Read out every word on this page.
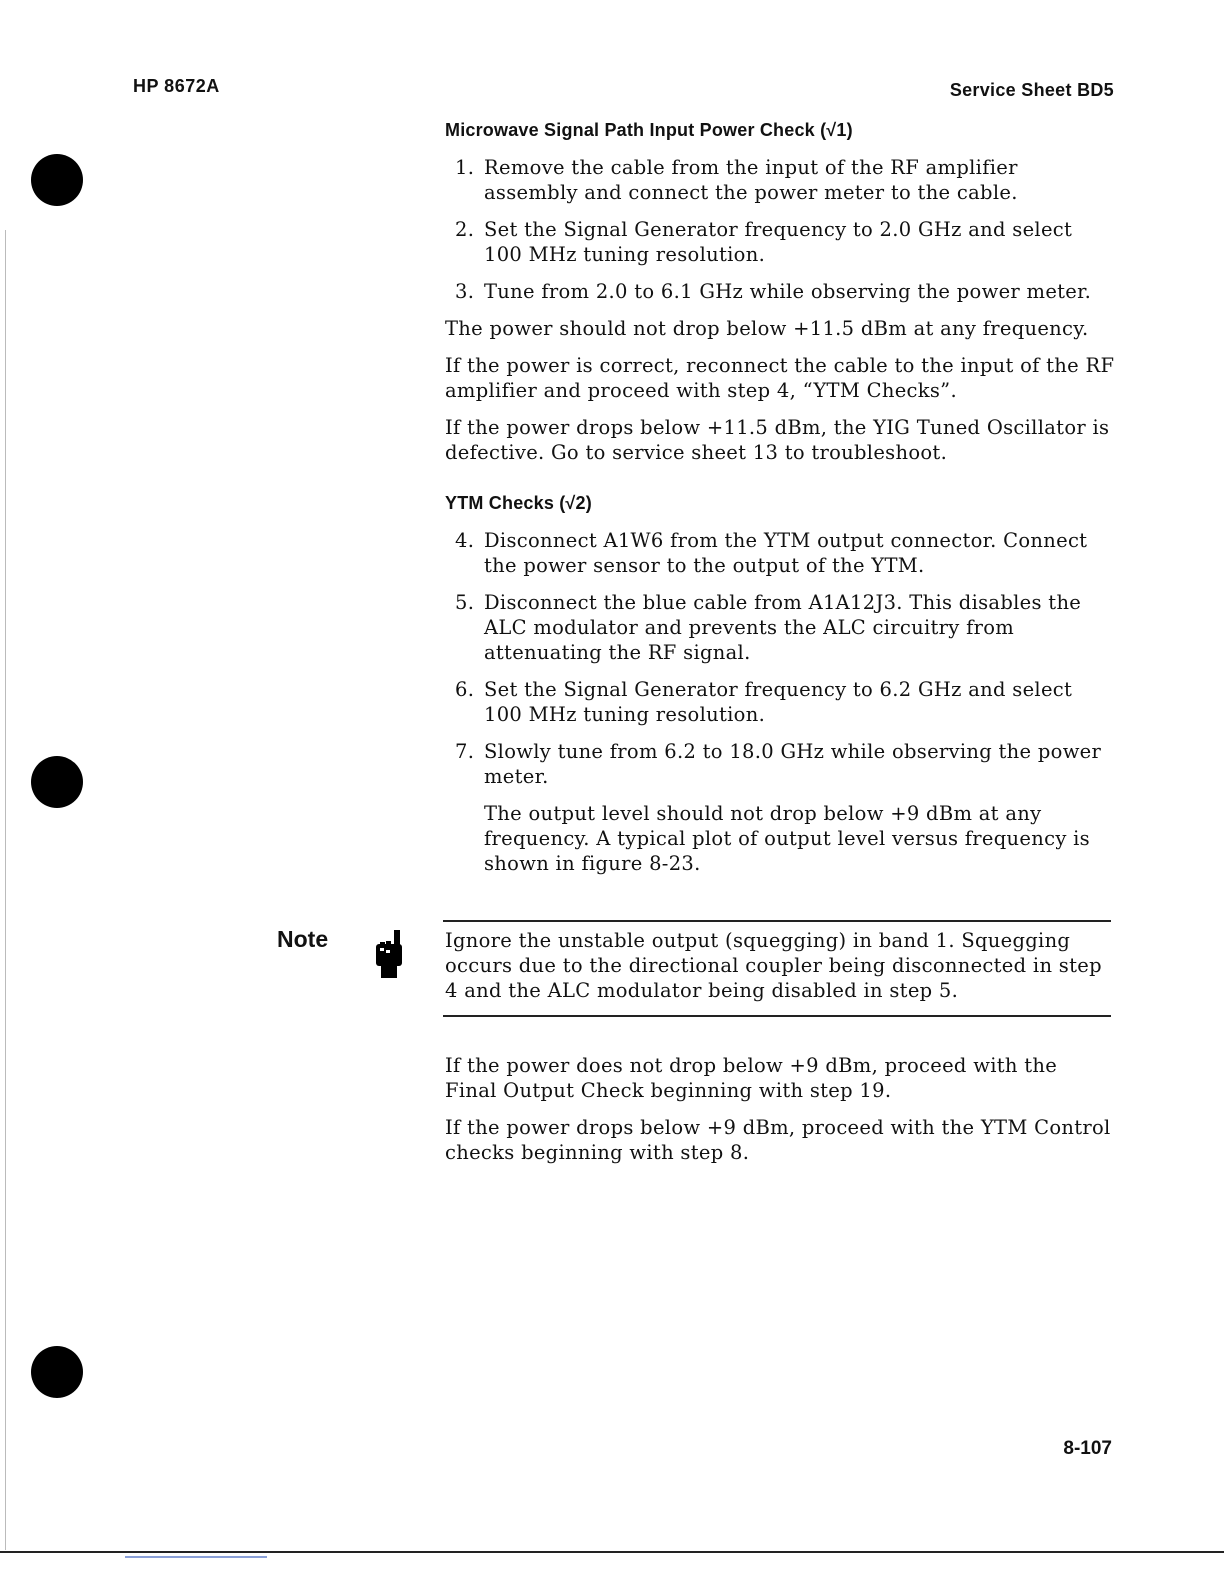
HP 8672A	Service Sheet BD5
Microwave Signal Path Input Power Check (√1)
1. Remove the cable from the input of the RF amplifier assembly and connect the power meter to the cable.
2. Set the Signal Generator frequency to 2.0 GHz and select 100 MHz tuning resolution.
3. Tune from 2.0 to 6.1 GHz while observing the power meter.

The power should not drop below +11.5 dBm at any frequency.

If the power is correct, reconnect the cable to the input of the RF amplifier and proceed with step 4, “YTM Checks”.

If the power drops below +11.5 dBm, the YIG Tuned Oscillator is defective. Go to service sheet 13 to troubleshoot.

YTM Checks (√2)
4. Disconnect A1W6 from the YTM output connector. Connect the power sensor to the output of the YTM.
5. Disconnect the blue cable from A1A12J3. This disables the ALC modulator and prevents the ALC circuitry from attenuating the RF signal.
6. Set the Signal Generator frequency to 6.2 GHz and select 100 MHz tuning resolution.
7. Slowly tune from 6.2 to 18.0 GHz while observing the power meter.

The output level should not drop below +9 dBm at any frequency. A typical plot of output level versus frequency is shown in figure 8-23.

Note	Ignore the unstable output (squegging) in band 1. Squegging occurs due to the directional coupler being disconnected in step 4 and the ALC modulator being disabled in step 5.

If the power does not drop below +9 dBm, proceed with the Final Output Check beginning with step 19.

If the power drops below +9 dBm, proceed with the YTM Control checks beginning with step 8.

8-107
